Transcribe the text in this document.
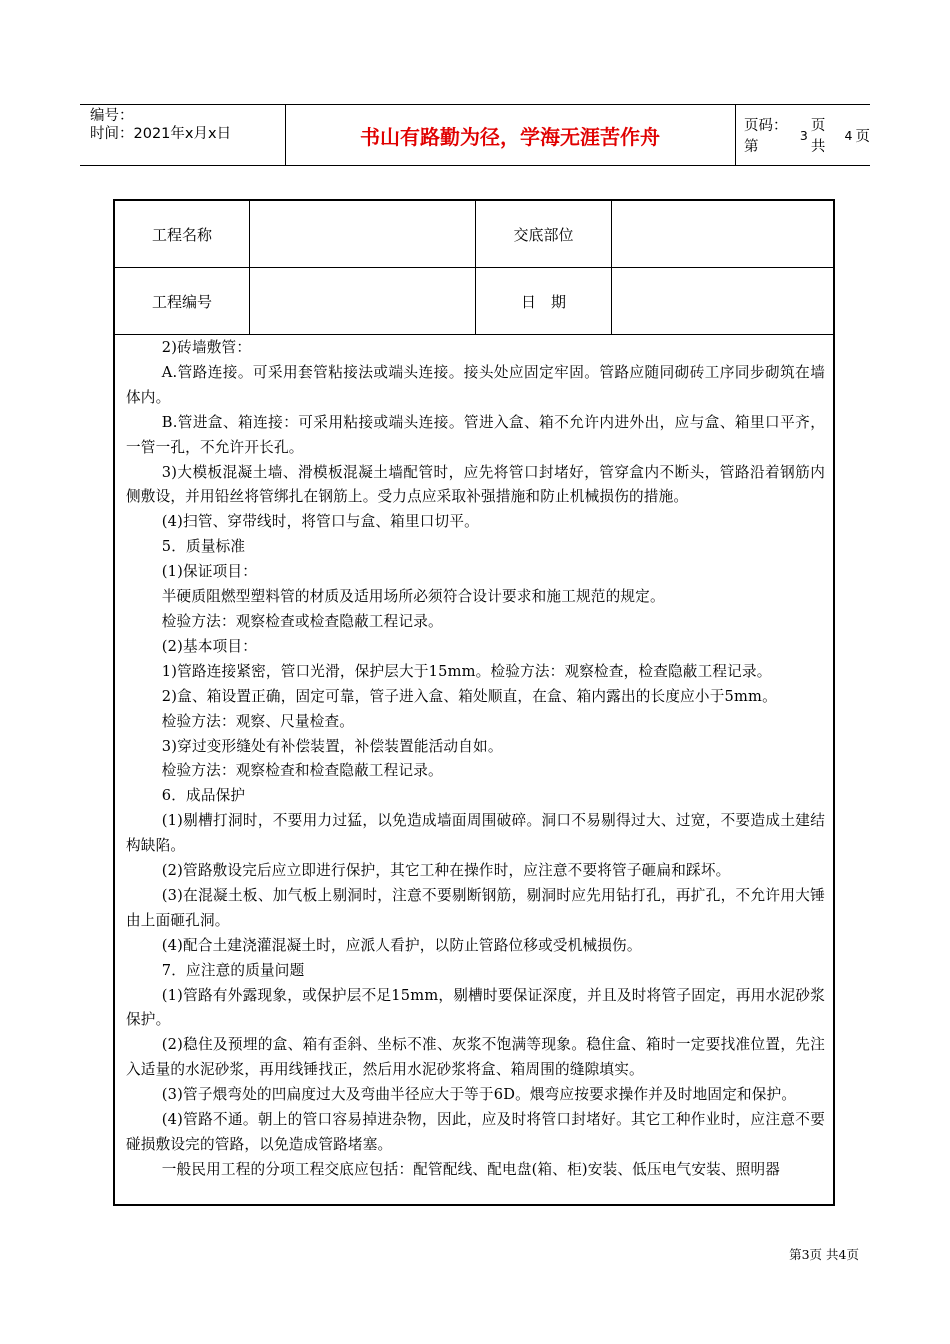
编号：
时间：2021年x月x日	书山有路勤为径，学海无涯苦作舟	页码：第
3
页 共
4 页
工程名称	交底部位
工程编号	日　期

2)砖墙敷管：

A.管路连接。可采用套管粘接法或端头连接。接头处应固定牢固。管路应随同砌砖工序同步砌筑在墙体内。

B.管进盒、箱连接：可采用粘接或端头连接。管进入盒、箱不允许内进外出，应与盒、箱里口平齐，一管一孔，不允许开长孔。

3)大模板混凝土墙、滑模板混凝土墙配管时，应先将管口封堵好，管穿盒内不断头，管路沿着钢筋内侧敷设，并用铅丝将管绑扎在钢筋上。受力点应采取补强措施和防止机械损伤的措施。

(4)扫管、穿带线时，将管口与盒、箱里口切平。

5．质量标准

(1)保证项目：

半硬质阻燃型塑料管的材质及适用场所必须符合设计要求和施工规范的规定。

检验方法：观察检查或检查隐蔽工程记录。

(2)基本项目：

1)管路连接紧密，管口光滑，保护层大于15mm。检验方法：观察检查，检查隐蔽工程记录。

2)盒、箱设置正确，固定可靠，管子进入盒、箱处顺直，在盒、箱内露出的长度应小于5mm。

检验方法：观察、尺量检查。

3)穿过变形缝处有补偿装置，补偿装置能活动自如。

检验方法：观察检查和检查隐蔽工程记录。

6．成品保护

(1)剔槽打洞时，不要用力过猛，以免造成墙面周围破碎。洞口不易剔得过大、过宽，不要造成土建结构缺陷。

(2)管路敷设完后应立即进行保护，其它工种在操作时，应注意不要将管子砸扁和踩坏。

(3)在混凝土板、加气板上剔洞时，注意不要剔断钢筋，剔洞时应先用钻打孔，再扩孔，不允许用大锤由上面砸孔洞。

(4)配合土建浇灌混凝土时，应派人看护，以防止管路位移或受机械损伤。

7．应注意的质量问题

(1)管路有外露现象，或保护层不足15mm，剔槽时要保证深度，并且及时将管子固定，再用水泥砂浆保护。

(2)稳住及预埋的盒、箱有歪斜、坐标不准、灰浆不饱满等现象。稳住盒、箱时一定要找准位置，先注入适量的水泥砂浆，再用线锤找正，然后用水泥砂浆将盒、箱周围的缝隙填实。

(3)管子煨弯处的凹扁度过大及弯曲半径应大于等于6D。煨弯应按要求操作并及时地固定和保护。

(4)管路不通。朝上的管口容易掉进杂物，因此，应及时将管口封堵好。其它工种作业时，应注意不要碰损敷设完的管路，以免造成管路堵塞。

一般民用工程的分项工程交底应包括：配管配线、配电盘(箱、柜)安装、低压电气安装、照明器

第3页 共4页
